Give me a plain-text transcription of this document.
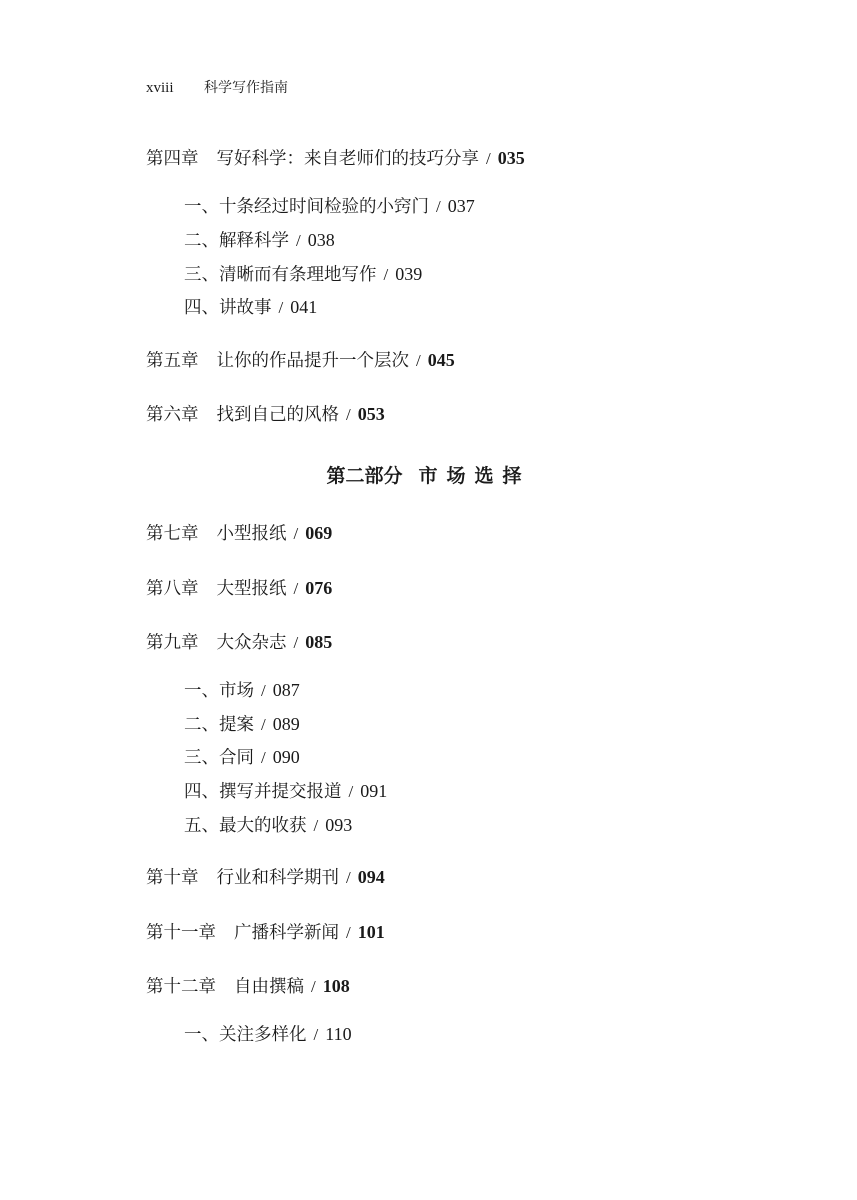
xviii 科学写作指南
第四章 写好科学：来自老师们的技巧分享 / 035
一、十条经过时间检验的小窍门 / 037
二、解释科学 / 038
三、清晰而有条理地写作 / 039
四、讲故事 / 041
第五章 让你的作品提升一个层次 / 045
第六章 找到自己的风格 / 053
第二部分 市场选择
第七章 小型报纸 / 069
第八章 大型报纸 / 076
第九章 大众杂志 / 085
一、市场 / 087
二、提案 / 089
三、合同 / 090
四、撰写并提交报道 / 091
五、最大的收获 / 093
第十章 行业和科学期刊 / 094
第十一章 广播科学新闻 / 101
第十二章 自由撰稿 / 108
一、关注多样化 / 110
